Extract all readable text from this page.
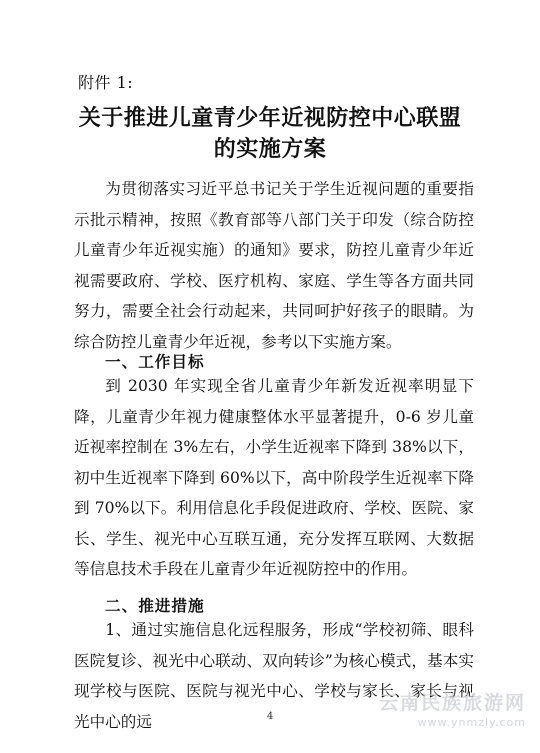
附件 1:
关于推进儿童青少年近视防控中心联盟
的实施方案

为贯彻落实习近平总书记关于学生近视问题的重要指示批示精神，按照《教育部等八部门关于印发（综合防控儿童青少年近视实施）的通知》要求，防控儿童青少年近视需要政府、学校、医疗机构、家庭、学生等各方面共同努力，需要全社会行动起来，共同呵护好孩子的眼睛。为综合防控儿童青少年近视，参考以下实施方案。

一、工作目标

到 2030 年实现全省儿童青少年新发近视率明显下降，儿童青少年视力健康整体水平显著提升，0-6 岁儿童近视率控制在 3%左右，小学生近视率下降到 38%以下，初中生近视率下降到 60%以下，高中阶段学生近视率下降到 70%以下。利用信息化手段促进政府、学校、医院、家长、学生、视光中心互联互通，充分发挥互联网、大数据等信息技术手段在儿童青少年近视防控中的作用。

二、推进措施

1、通过实施信息化远程服务，形成“学校初筛、眼科医院复诊、视光中心联动、双向转诊”为核心模式，基本实现学校与医院、医院与视光中心、学校与家长、家长与视光中心的远	4
云南民族旅游网
www.ynmzly.com
